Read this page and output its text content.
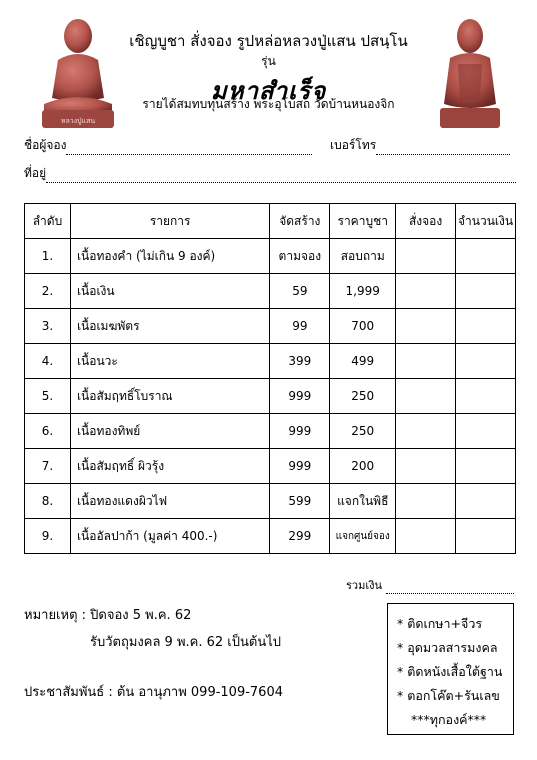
หลวงปู่แสน
เชิญบูชา สั่งจอง รูปหล่อหลวงปู่แสน ปสนฺโน
รุ่น
มหาสำเร็จ
รายได้สมทบทุนสร้าง พระอุโบสถ วัดบ้านหนองจิก
ชื่อผู้จอง	เบอร์โทร
ที่อยู่
ลำดับ	รายการ	จัดสร้าง	ราคาบูชา	สั่งจอง	จำนวนเงิน
1.	เนื้อทองคำ (ไม่เกิน 9 องค์)	ตามจอง	สอบถาม		
2.	เนื้อเงิน	59	1,999		
3.	เนื้อเมฆพัตร	99	700		
4.	เนื้อนวะ	399	499		
5.	เนื้อสัมฤทธิ์โบราณ	999	250		
6.	เนื้อทองทิพย์	999	250		
7.	เนื้อสัมฤทธิ์ ผิวรุ้ง	999	200		
8.	เนื้อทองแดงผิวไฟ	599	แจกในพิธี		
9.	เนื้ออัลปาก้า (มูลค่า 400.-)	299	แจกศูนย์จอง		
รวมเงิน
หมายเหตุ : ปิดจอง 5 พ.ค. 62
รับวัตถุมงคล 9 พ.ค. 62 เป็นต้นไป
ประชาสัมพันธ์ : ต้น อานุภาพ 099-109-7604
* ติดเกษา+จีวร
* อุดมวลสารมงคล
* ติดหนังเสื้อใต้ฐาน
* ตอกโค๊ต+รันเลข
***ทุกองค์***
